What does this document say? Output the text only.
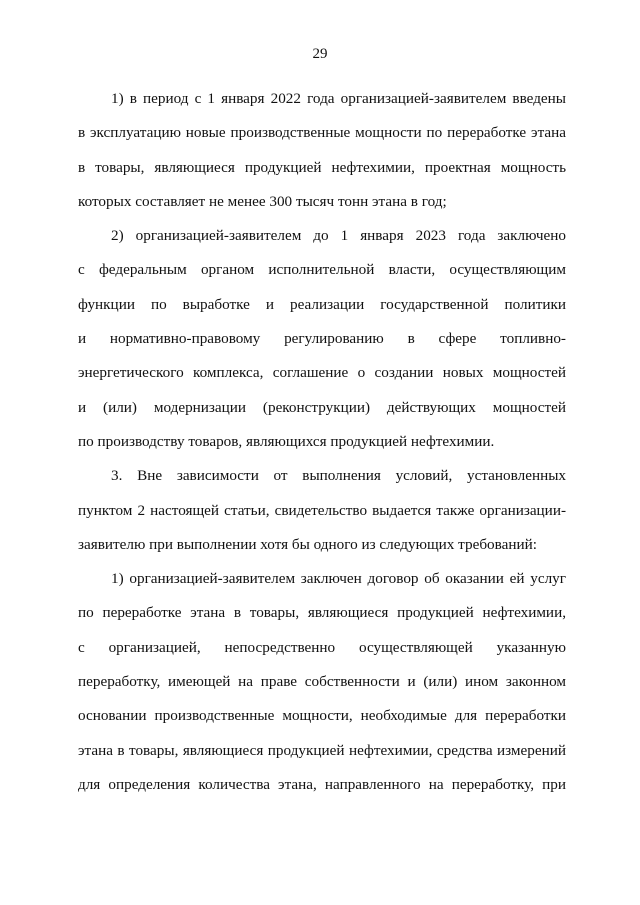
29
1) в период с 1 января 2022 года организацией-заявителем введены
в эксплуатацию новые производственные мощности по переработке этана
в товары, являющиеся продукцией нефтехимии, проектная мощность
которых составляет не менее 300 тысяч тонн этана в год;
2) организацией-заявителем до 1 января 2023 года заключено
с федеральным органом исполнительной власти, осуществляющим
функции по выработке и реализации государственной политики
и нормативно-правовому регулированию в сфере топливно-
энергетического комплекса, соглашение о создании новых мощностей
и (или) модернизации (реконструкции) действующих мощностей
по производству товаров, являющихся продукцией нефтехимии.
3. Вне зависимости от выполнения условий, установленных
пунктом 2 настоящей статьи, свидетельство выдается также организации-
заявителю при выполнении хотя бы одного из следующих требований:
1) организацией-заявителем заключен договор об оказании ей услуг
по переработке этана в товары, являющиеся продукцией нефтехимии,
с организацией, непосредственно осуществляющей указанную
переработку, имеющей на праве собственности и (или) ином законном
основании производственные мощности, необходимые для переработки
этана в товары, являющиеся продукцией нефтехимии, средства измерений
для определения количества этана, направленного на переработку, при
